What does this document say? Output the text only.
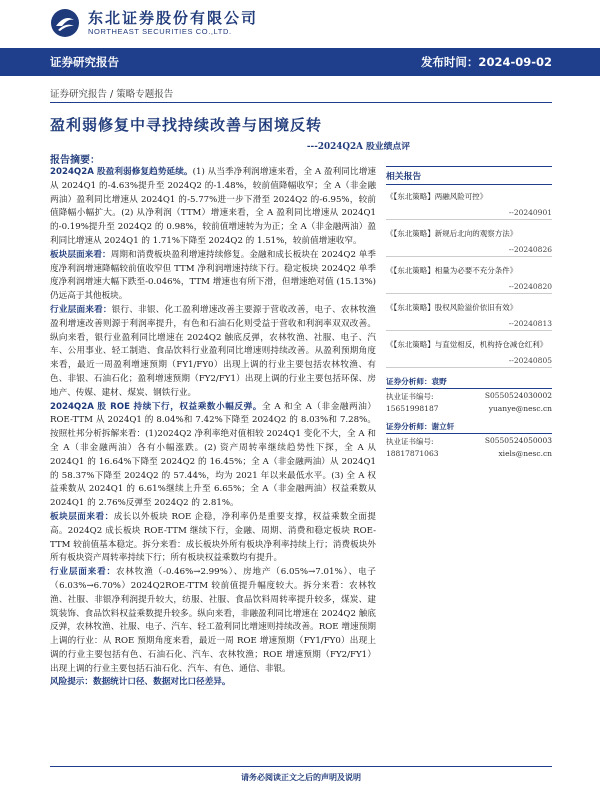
东北证券股份有限公司
NORTHEAST SECURITIES CO.,LTD.
证券研究报告	发布时间：2024-09-02
证券研究报告 / 策略专题报告
盈利弱修复中寻找持续改善与困境反转
---2024Q2A 股业绩点评
报告摘要：

2024Q2A 股盈利弱修复趋势延续。(1) 从当季净利润增速来看，全 A 盈利同比增速从 2024Q1 的-4.63%提升至 2024Q2 的-1.48%，较前值降幅收窄；全 A（非金融两油）盈利同比增速从 2024Q1 的-5.77%进一步下滑至 2024Q2 的-6.95%，较前值降幅小幅扩大。(2) 从净利润（TTM）增速来看，全 A 盈利同比增速从 2024Q1 的-0.19%提升至 2024Q2 的 0.98%，较前值增速转为为正；全 A（非金融两油）盈利同比增速从 2024Q1 的 1.71%下降至 2024Q2 的 1.51%，较前值增速收窄。

板块层面来看：周期和消费板块盈利增速持续修复。金融和成长板块在 2024Q2 单季度净利润增速降幅较前值收窄但 TTM 净利润增速持续下行。稳定板块 2024Q2 单季度净利润增速大幅下跌至-0.046%，TTM 增速也有所下滑，但增速绝对值 (15.13%) 仍远高于其他板块。

行业层面来看：银行、非银、化工盈利增速改善主要源于营收改善，电子、农林牧渔盈利增速改善则源于利润率提升，有色和石油石化则受益于营收和利润率双双改善。纵向来看，银行业盈利同比增速在 2024Q2 触底反弹，农林牧渔、社服、电子、汽车、公用事业、轻工制造、食品饮料行业盈利同比增速则持续改善。从盈利预期角度来看，最近一周盈利增速预期（FY1/FY0）出现上调的行业主要包括农林牧渔、有色、非银、石油石化；盈利增速预期（FY2/FY1）出现上调的行业主要包括环保、房地产、传媒、建材、煤炭、钢铁行业。

2024Q2A 股 ROE 持续下行，权益乘数小幅反弹。全 A 和全 A（非金融两油）ROE-TTM 从 2024Q1 的 8.04%和 7.42%下降至 2024Q2 的 8.03%和 7.28%。按照杜邦分析拆解来看：(1)2024Q2 净利率绝对值相较 2024Q1 变化不大，全 A 和全 A（非金融两油）各有小幅涨跌。(2) 资产周转率继续趋势性下探，全 A 从 2024Q1 的 16.64%下降至 2024Q2 的 16.45%；全 A（非金融两油）从 2024Q1 的 58.37%下降至 2024Q2 的 57.44%，均为 2021 年以来最低水平。(3) 全 A 权益乘数从 2024Q1 的 6.61%继续上升至 6.65%；全 A（非金融两油）权益乘数从 2024Q1 的 2.76%反弹至 2024Q2 的 2.81%。

板块层面来看：成长以外板块 ROE 企稳，净利率仍是重要支撑，权益乘数全面提高。2024Q2 成长板块 ROE-TTM 继续下行，金融、周期、消费和稳定板块 ROE-TTM 较前值基本稳定。拆分来看：成长板块外所有板块净利率持续上行；消费板块外所有板块资产周转率持续下行；所有板块权益乘数均有提升。

行业层面来看：农林牧渔（-0.46%→2.99%）、房地产（6.05%→7.01%）、电子（6.03%→6.70%）2024Q2ROE-TTM 较前值提升幅度较大。拆分来看：农林牧渔、社服、非银净利润提升较大，纺服、社服、食品饮料周转率提升较多，煤炭、建筑装饰、食品饮料权益乘数提升较多。纵向来看，非融盈利同比增速在 2024Q2 触底反弹，农林牧渔、社服、电子、汽车、轻工盈利同比增速则持续改善。ROE 增速预期上调的行业：从 ROE 预期角度来看，最近一周 ROE 增速预期（FY1/FY0）出现上调的行业主要包括有色、石油石化、汽车、农林牧渔；ROE 增速预期（FY2/FY1）出现上调的行业主要包括石油石化、汽车、有色、通信、非银。

风险提示：数据统计口径、数据对比口径差异。

相关报告
《【东北策略】两融风险可控》
--20240901
《【东北策略】新规后北向的观察方法》
--20240826
《【东北策略】相量为必要不充分条件》
--20240820
《【东北策略】股权风险溢价依旧有效》
--20240813
《【东北策略】与直觉相反，机构持仓减仓红利》
--20240805
证券分析师：袁野
执业证书编号:	S0550524030002
15651998187	yuanye@nesc.cn
证券分析师：谢立轩
执业证书编号:	S0550524050003
18817871063	xiels@nesc.cn
请务必阅读正文之后的声明及说明
